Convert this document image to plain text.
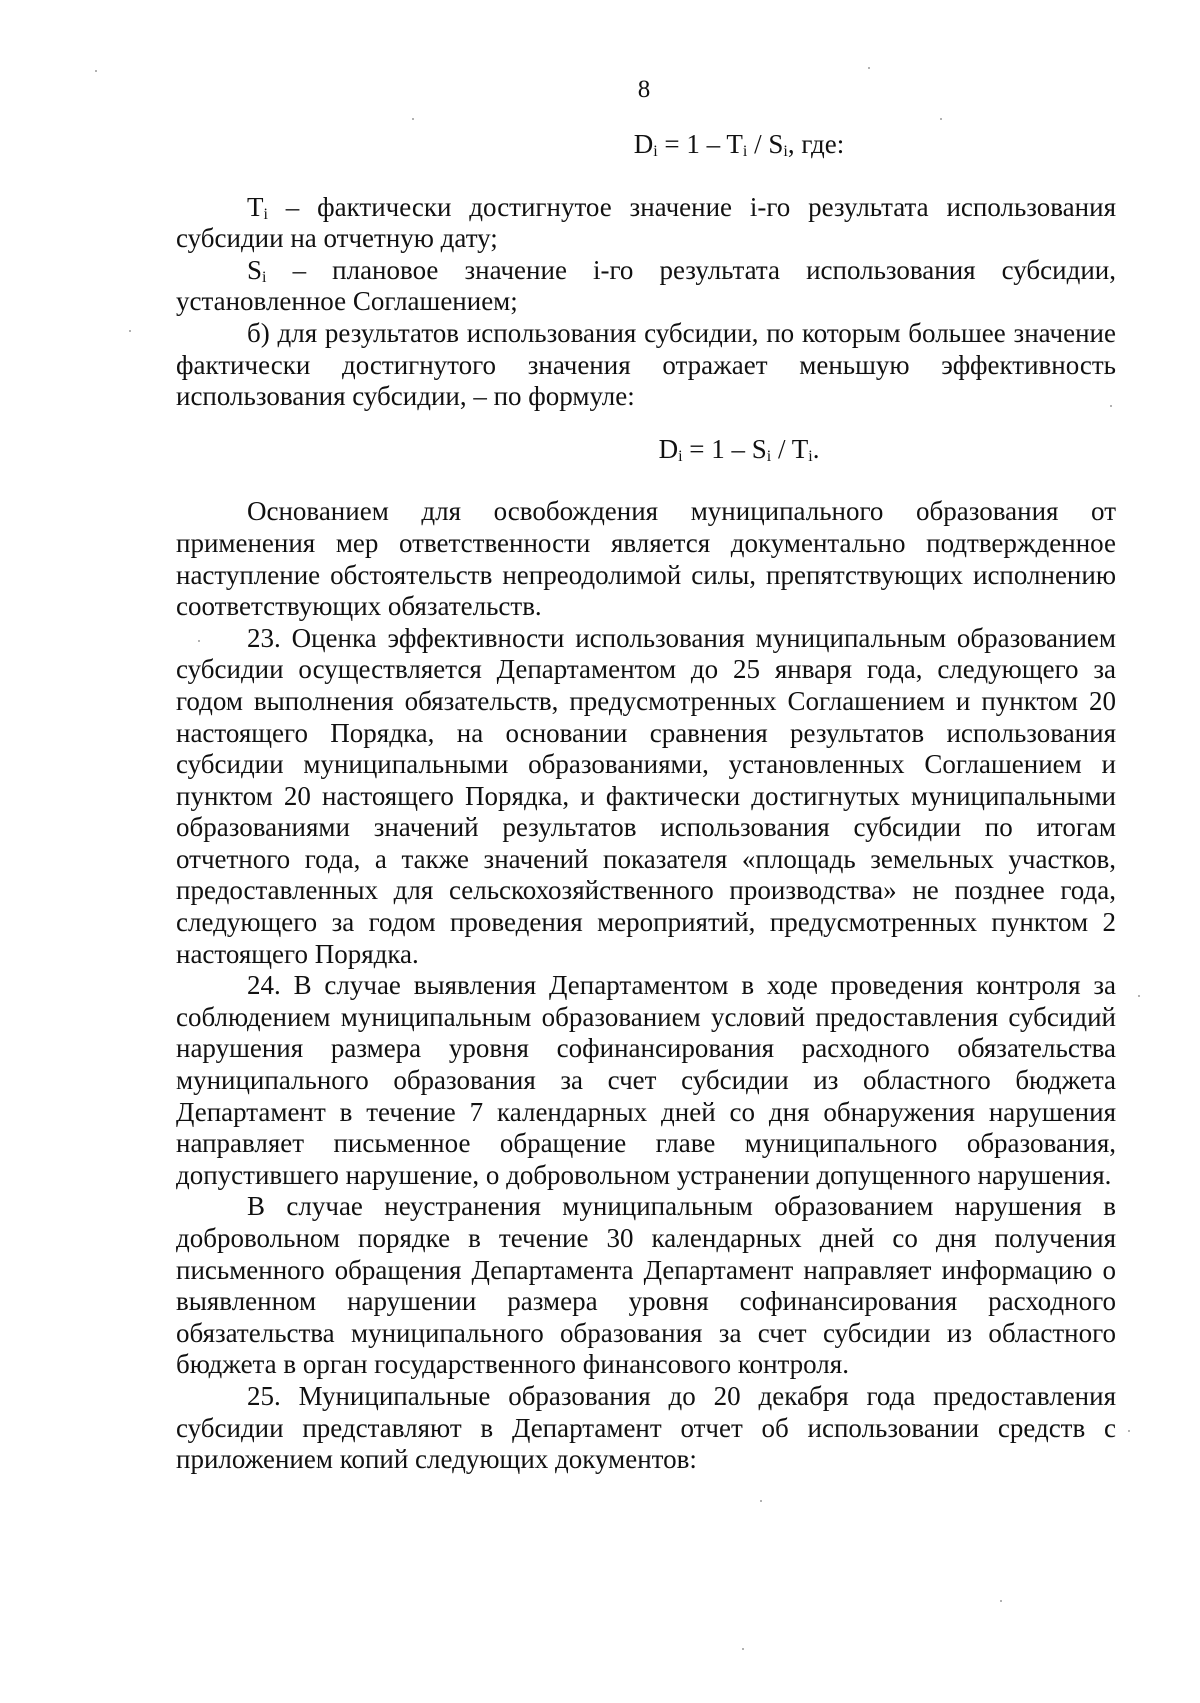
8
$D_i = 1 - T_i / S_i$, где:

$T_i$ – фактически достигнутое значение i-го результата использования субсидии на отчетную дату;

$S_i$ – плановое значение i-го результата использования субсидии, установленное Соглашением;

б) для результатов использования субсидии, по которым большее значение фактически достигнутого значения отражает меньшую эффективность использования субсидии, – по формуле:

$D_i = 1 - S_i / T_i$.

Основанием для освобождения муниципального образования от применения мер ответственности является документально подтвержденное наступление обстоятельств непреодолимой силы, препятствующих исполнению соответствующих обязательств.

23. Оценка эффективности использования муниципальным образованием субсидии осуществляется Департаментом до 25 января года, следующего за годом выполнения обязательств, предусмотренных Соглашением и пунктом 20 настоящего Порядка, на основании сравнения результатов использования субсидии муниципальными образованиями, установленных Соглашением и пунктом 20 настоящего Порядка, и фактически достигнутых муниципальными образованиями значений результатов использования субсидии по итогам отчетного года, а также значений показателя «площадь земельных участков, предоставленных для сельскохозяйственного производства» не позднее года, следующего за годом проведения мероприятий, предусмотренных пунктом 2 настоящего Порядка.

24. В случае выявления Департаментом в ходе проведения контроля за соблюдением муниципальным образованием условий предоставления субсидий нарушения размера уровня софинансирования расходного обязательства муниципального образования за счет субсидии из областного бюджета Департамент в течение 7 календарных дней со дня обнаружения нарушения направляет письменное обращение главе муниципального образования, допустившего нарушение, о добровольном устранении допущенного нарушения.

В случае неустранения муниципальным образованием нарушения в добровольном порядке в течение 30 календарных дней со дня получения письменного обращения Департамента Департамент направляет информацию о выявленном нарушении размера уровня софинансирования расходного обязательства муниципального образования за счет субсидии из областного бюджета в орган государственного финансового контроля.

25. Муниципальные образования до 20 декабря года предоставления субсидии представляют в Департамент отчет об использовании средств с приложением копий следующих документов:
